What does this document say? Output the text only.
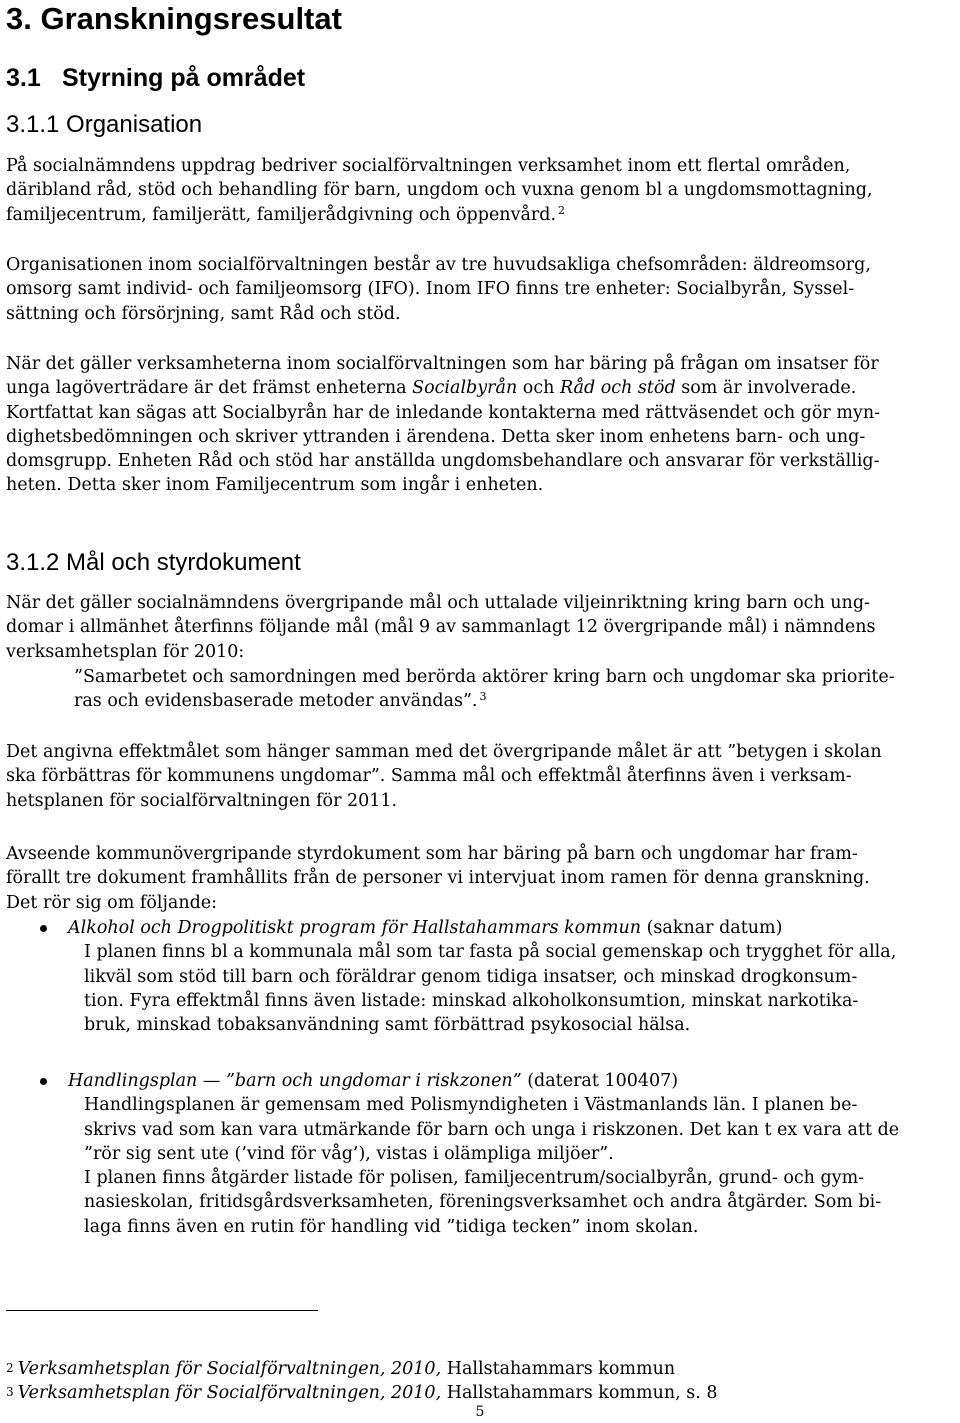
3. Granskningsresultat
3.1 Styrning på området
3.1.1 Organisation
På socialnämndens uppdrag bedriver socialförvaltningen verksamhet inom ett flertal områden,
däribland råd, stöd och behandling för barn, ungdom och vuxna genom bl a ungdomsmottagning,
familjecentrum, familjerätt, familjerådgivning och öppenvård. $^2$
Organisationen inom socialförvaltningen består av tre huvudsakliga chefsområden: äldreomsorg,
omsorg samt individ- och familjeomsorg (IFO). Inom IFO finns tre enheter: Socialbyrån, Syssel-
sättning och försörjning, samt Råd och stöd.
När det gäller verksamheterna inom socialförvaltningen som har bäring på frågan om insatser för
unga lagöverträdare är det främst enheterna Socialbyrån och Råd och stöd som är involverade.
Kortfattat kan sägas att Socialbyrån har de inledande kontakterna med rättväsendet och gör myn-
dighetsbedömningen och skriver yttranden i ärendena. Detta sker inom enhetens barn- och ung-
domsgrupp. Enheten Råd och stöd har anställda ungdomsbehandlare och ansvarar för verkställig-
heten. Detta sker inom Familjecentrum som ingår i enheten.
3.1.2 Mål och styrdokument
När det gäller socialnämndens övergripande mål och uttalade viljeinriktning kring barn och ung-
domar i allmänhet återfinns följande mål (mål 9 av sammanlagt 12 övergripande mål) i nämndens
verksamhetsplan för 2010:
”Samarbetet och samordningen med berörda aktörer kring barn och ungdomar ska priorite-
ras och evidensbaserade metoder användas”. $^3$
Det angivna effektmålet som hänger samman med det övergripande målet är att ”betygen i skolan
ska förbättras för kommunens ungdomar”. Samma mål och effektmål återfinns även i verksam-
hetsplanen för socialförvaltningen för 2011.
Avseende kommunövergripande styrdokument som har bäring på barn och ungdomar har fram-
förallt tre dokument framhållits från de personer vi intervjuat inom ramen för denna granskning.
Det rör sig om följande:
Alkohol och Drogpolitiskt program för Hallstahammars kommun (saknar datum)
I planen finns bl a kommunala mål som tar fasta på social gemenskap och trygghet för alla,
likväl som stöd till barn och föräldrar genom tidiga insatser, och minskad drogkonsum-
tion. Fyra effektmål finns även listade: minskad alkoholkonsumtion, minskat narkotika-
bruk, minskad tobaksanvändning samt förbättrad psykosocial hälsa.
Handlingsplan — ”barn och ungdomar i riskzonen” (daterat 100407)
Handlingsplanen är gemensam med Polismyndigheten i Västmanlands län. I planen be-
skrivs vad som kan vara utmärkande för barn och unga i riskzonen. Det kan t ex vara att de
”rör sig sent ute (’vind för våg’), vistas i olämpliga miljöer”.
I planen finns åtgärder listade för polisen, familjecentrum/socialbyrån, grund- och gym-
nasieskolan, fritidsgårdsverksamheten, föreningsverksamhet och andra åtgärder. Som bi-
laga finns även en rutin för handling vid ”tidiga tecken” inom skolan.
2 Verksamhetsplan för Socialförvaltningen, 2010, Hallstahammars kommun
3 Verksamhetsplan för Socialförvaltningen, 2010, Hallstahammars kommun, s. 8
5
